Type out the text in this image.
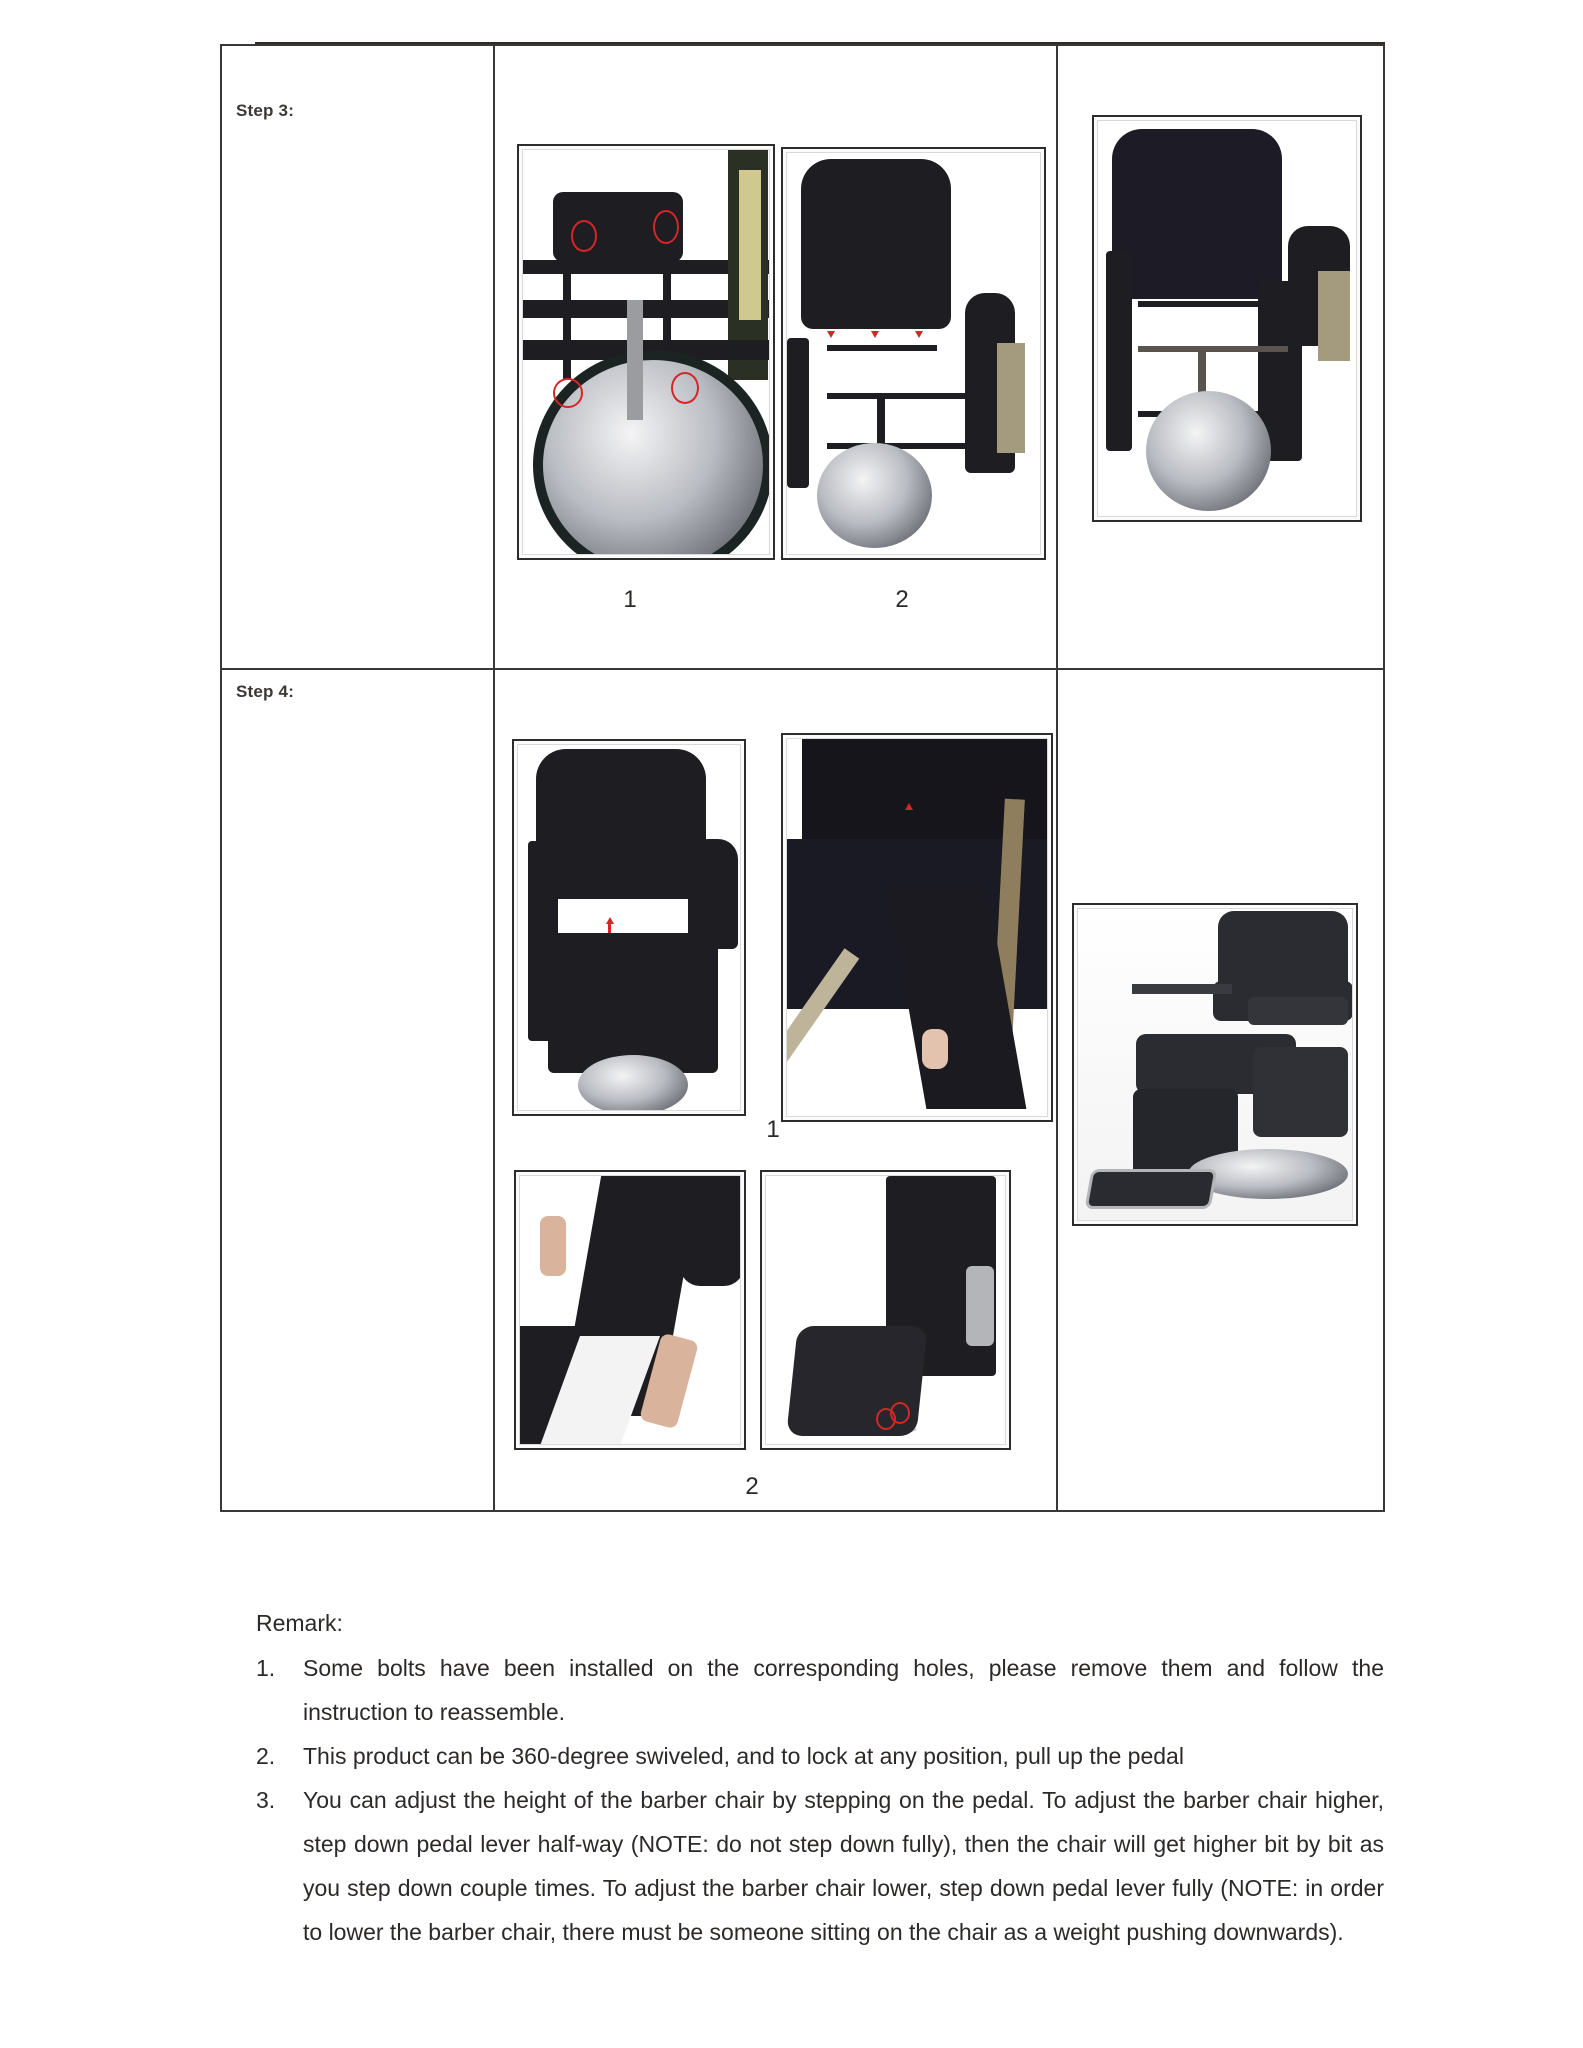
Step 3:
1	2
Step 4:
1
2
Remark:
1.	Some bolts have been installed on the corresponding holes, please remove them and follow the instruction to reassemble.
2.	This product can be 360-degree swiveled, and to lock at any position, pull up the pedal
3.	You can adjust the height of the barber chair by stepping on the pedal. To adjust the barber chair higher, step down pedal lever half-way (NOTE: do not step down fully), then the chair will get higher bit by bit as you step down couple times. To adjust the barber chair lower, step down pedal lever fully (NOTE: in order to lower the barber chair, there must be someone sitting on the chair as a weight pushing downwards).
